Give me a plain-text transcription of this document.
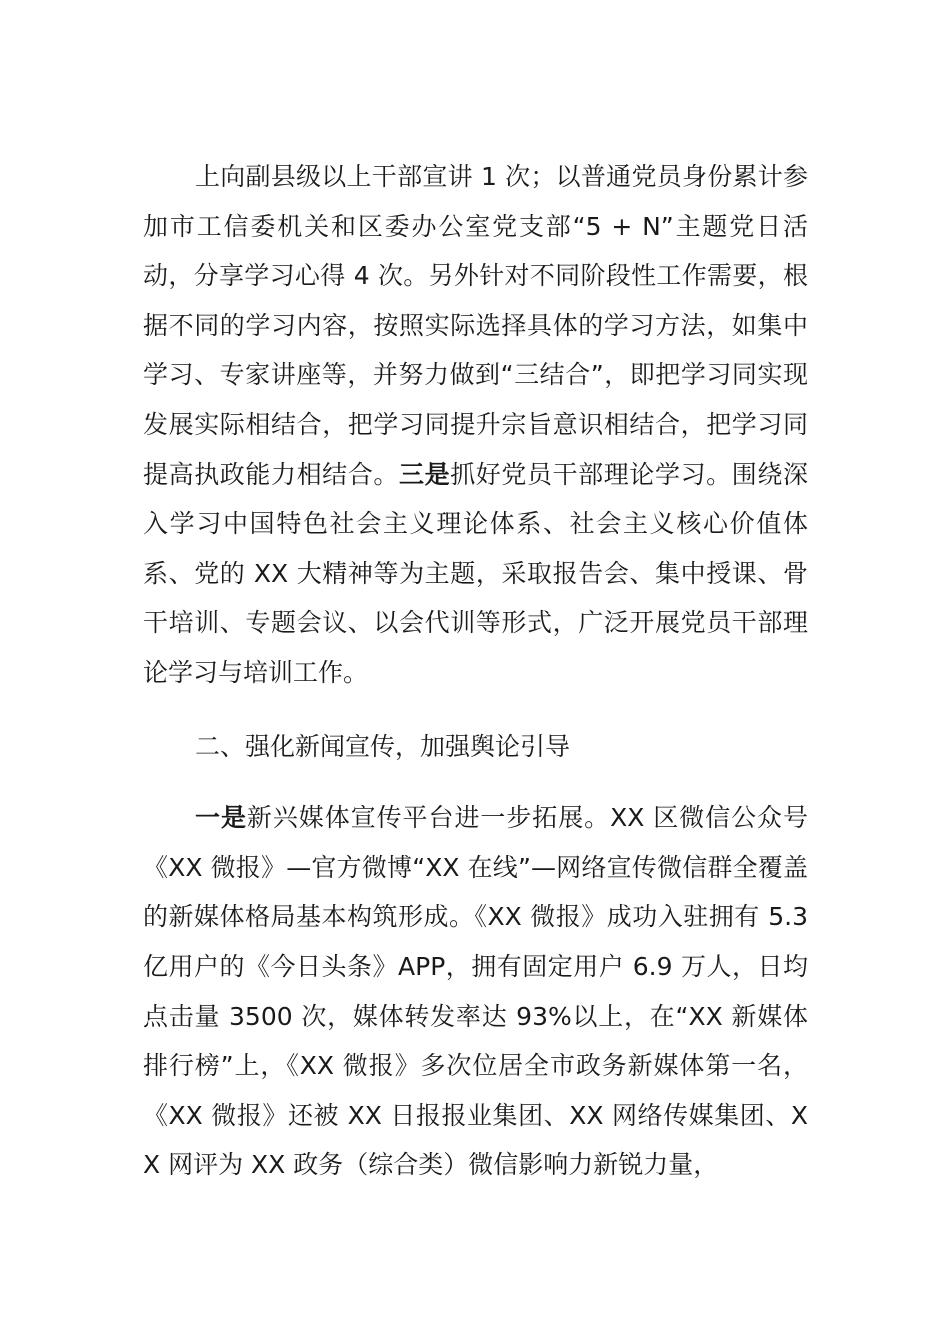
上向副县级以上干部宣讲 1 次；以普通党员身份累计参加市工信委机关和区委办公室党支部“5 + N”主题党日活动，分享学习心得 4 次。另外针对不同阶段性工作需要，根据不同的学习内容，按照实际选择具体的学习方法，如集中学习、专家讲座等，并努力做到“三结合”，即把学习同实现发展实际相结合，把学习同提升宗旨意识相结合，把学习同提高执政能力相结合。三是抓好党员干部理论学习。围绕深入学习中国特色社会主义理论体系、社会主义核心价值体系、党的 XX 大精神等为主题，采取报告会、集中授课、骨干培训、专题会议、以会代训等形式，广泛开展党员干部理论学习与培训工作。

二、强化新闻宣传，加强舆论引导

一是新兴媒体宣传平台进一步拓展。XX 区微信公众号《XX 微报》—官方微博“XX 在线”—网络宣传微信群全覆盖的新媒体格局基本构筑形成。《XX 微报》成功入驻拥有 5.3 亿用户的《今日头条》APP，拥有固定用户 6.9 万人，日均点击量 3500 次，媒体转发率达 93%以上，在“XX 新媒体排行榜”上，《XX 微报》多次位居全市政务新媒体第一名，《XX 微报》还被 XX 日报报业集团、XX 网络传媒集团、XX 网评为 XX 政务（综合类）微信影响力新锐力量，
